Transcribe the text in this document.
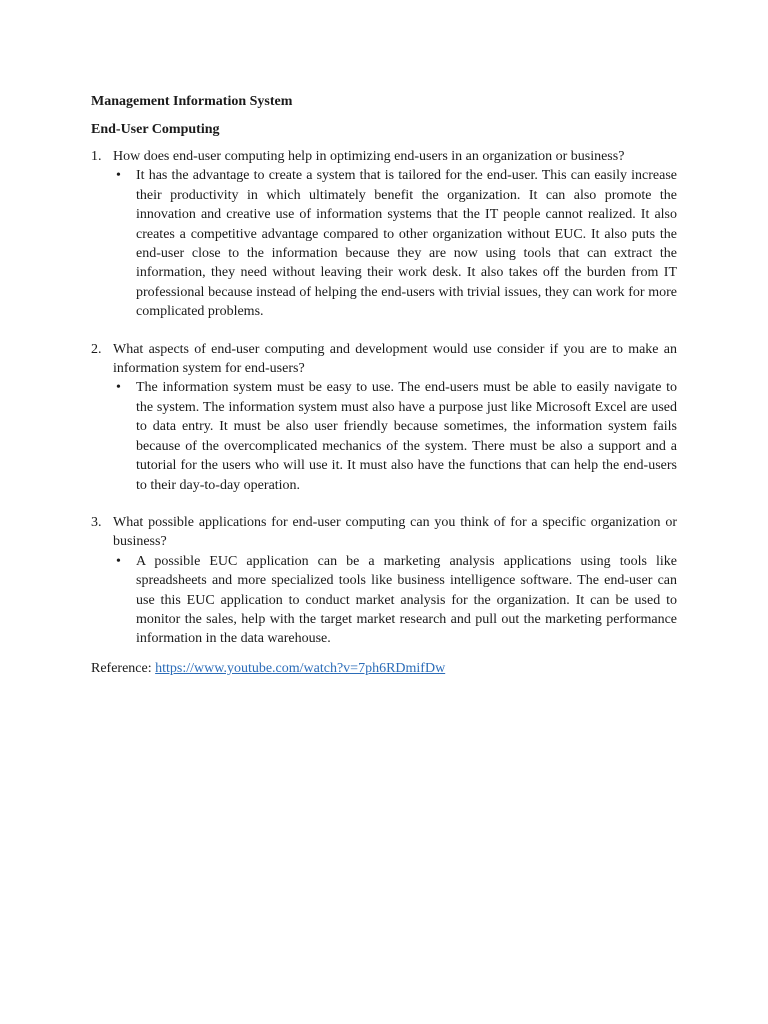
Management Information System

End-User Computing

1. How does end-user computing help in optimizing end-users in an organization or business?
• It has the advantage to create a system that is tailored for the end-user. This can easily increase their productivity in which ultimately benefit the organization. It can also promote the innovation and creative use of information systems that the IT people cannot realized. It also creates a competitive advantage compared to other organization without EUC. It also puts the end-user close to the information because they are now using tools that can extract the information, they need without leaving their work desk. It also takes off the burden from IT professional because instead of helping the end-users with trivial issues, they can work for more complicated problems.
2. What aspects of end-user computing and development would use consider if you are to make an information system for end-users?
• The information system must be easy to use. The end-users must be able to easily navigate to the system. The information system must also have a purpose just like Microsoft Excel are used to data entry. It must be also user friendly because sometimes, the information system fails because of the overcomplicated mechanics of the system. There must be also a support and a tutorial for the users who will use it. It must also have the functions that can help the end-users to their day-to-day operation.
3. What possible applications for end-user computing can you think of for a specific organization or business?
• A possible EUC application can be a marketing analysis applications using tools like spreadsheets and more specialized tools like business intelligence software. The end-user can use this EUC application to conduct market analysis for the organization. It can be used to monitor the sales, help with the target market research and pull out the marketing performance information in the data warehouse.
Reference: https://www.youtube.com/watch?v=7ph6RDmifDw
